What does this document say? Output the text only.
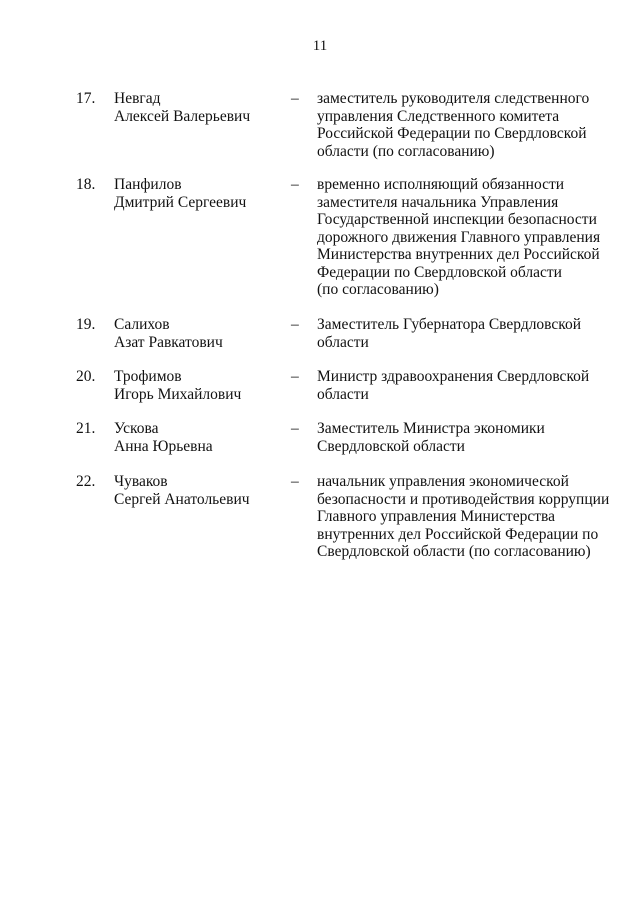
11
17. Невгад
Алексей Валерьевич
– заместитель руководителя следственного
управления Следственного комитета
Российской Федерации по Свердловской
области (по согласованию)
18. Панфилов
Дмитрий Сергеевич
– временно исполняющий обязанности
заместителя начальника Управления
Государственной инспекции безопасности
дорожного движения Главного управления
Министерства внутренних дел Российской
Федерации по Свердловской области
(по согласованию)
19. Салихов
Азат Равкатович
– Заместитель Губернатора Свердловской
области
20. Трофимов
Игорь Михайлович
– Министр здравоохранения Свердловской
области
21. Ускова
Анна Юрьевна
– Заместитель Министра экономики
Свердловской области
22. Чуваков
Сергей Анатольевич
– начальник управления экономической
безопасности и противодействия коррупции
Главного управления Министерства
внутренних дел Российской Федерации по
Свердловской области (по согласованию)
